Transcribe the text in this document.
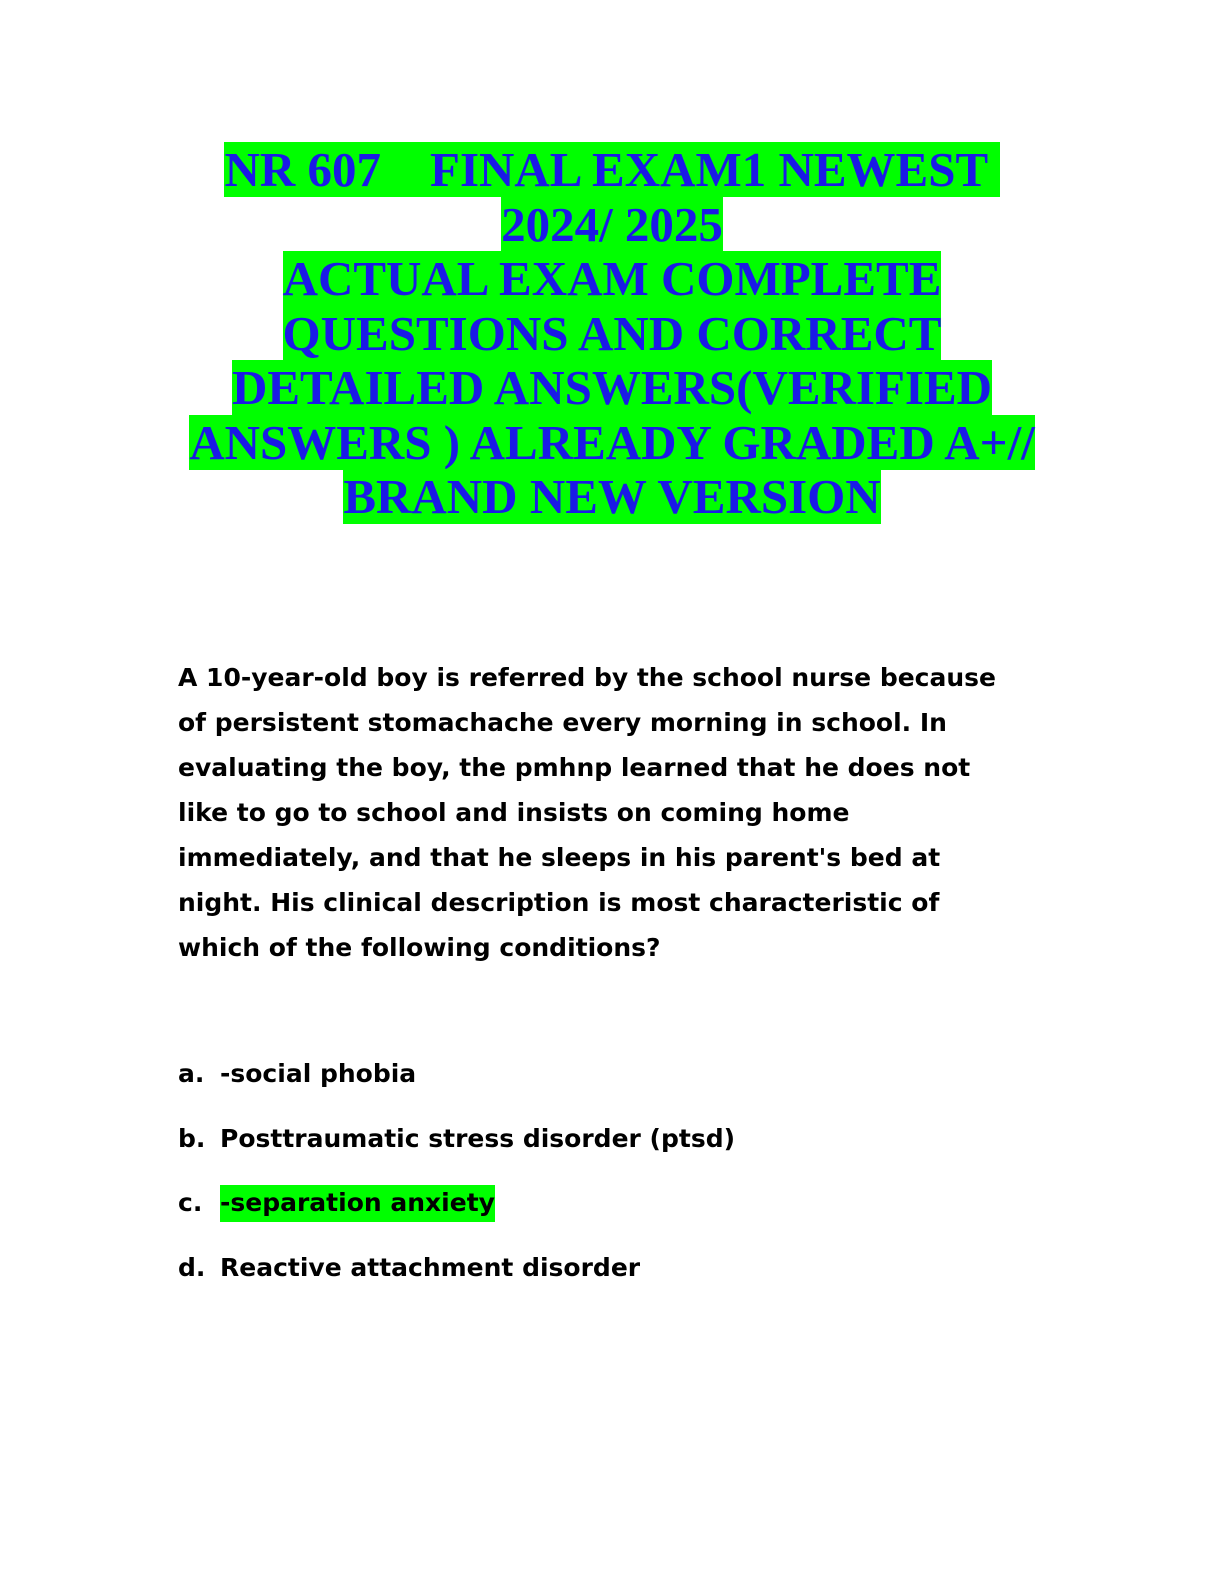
NR 607    FINAL EXAM1 NEWEST
2024/ 2025
ACTUAL EXAM COMPLETE
QUESTIONS AND CORRECT
DETAILED ANSWERS(VERIFIED
ANSWERS ) ALREADY GRADED A+//
BRAND NEW VERSION
A 10-year-old boy is referred by the school nurse because
of persistent stomachache every morning in school. In
evaluating the boy, the pmhnp learned that he does not
like to go to school and insists on coming home
immediately, and that he sleeps in his parent's bed at
night. His clinical description is most characteristic of
which of the following conditions?
a. -social phobia
b. Posttraumatic stress disorder (ptsd)
c. -separation anxiety
d. Reactive attachment disorder
